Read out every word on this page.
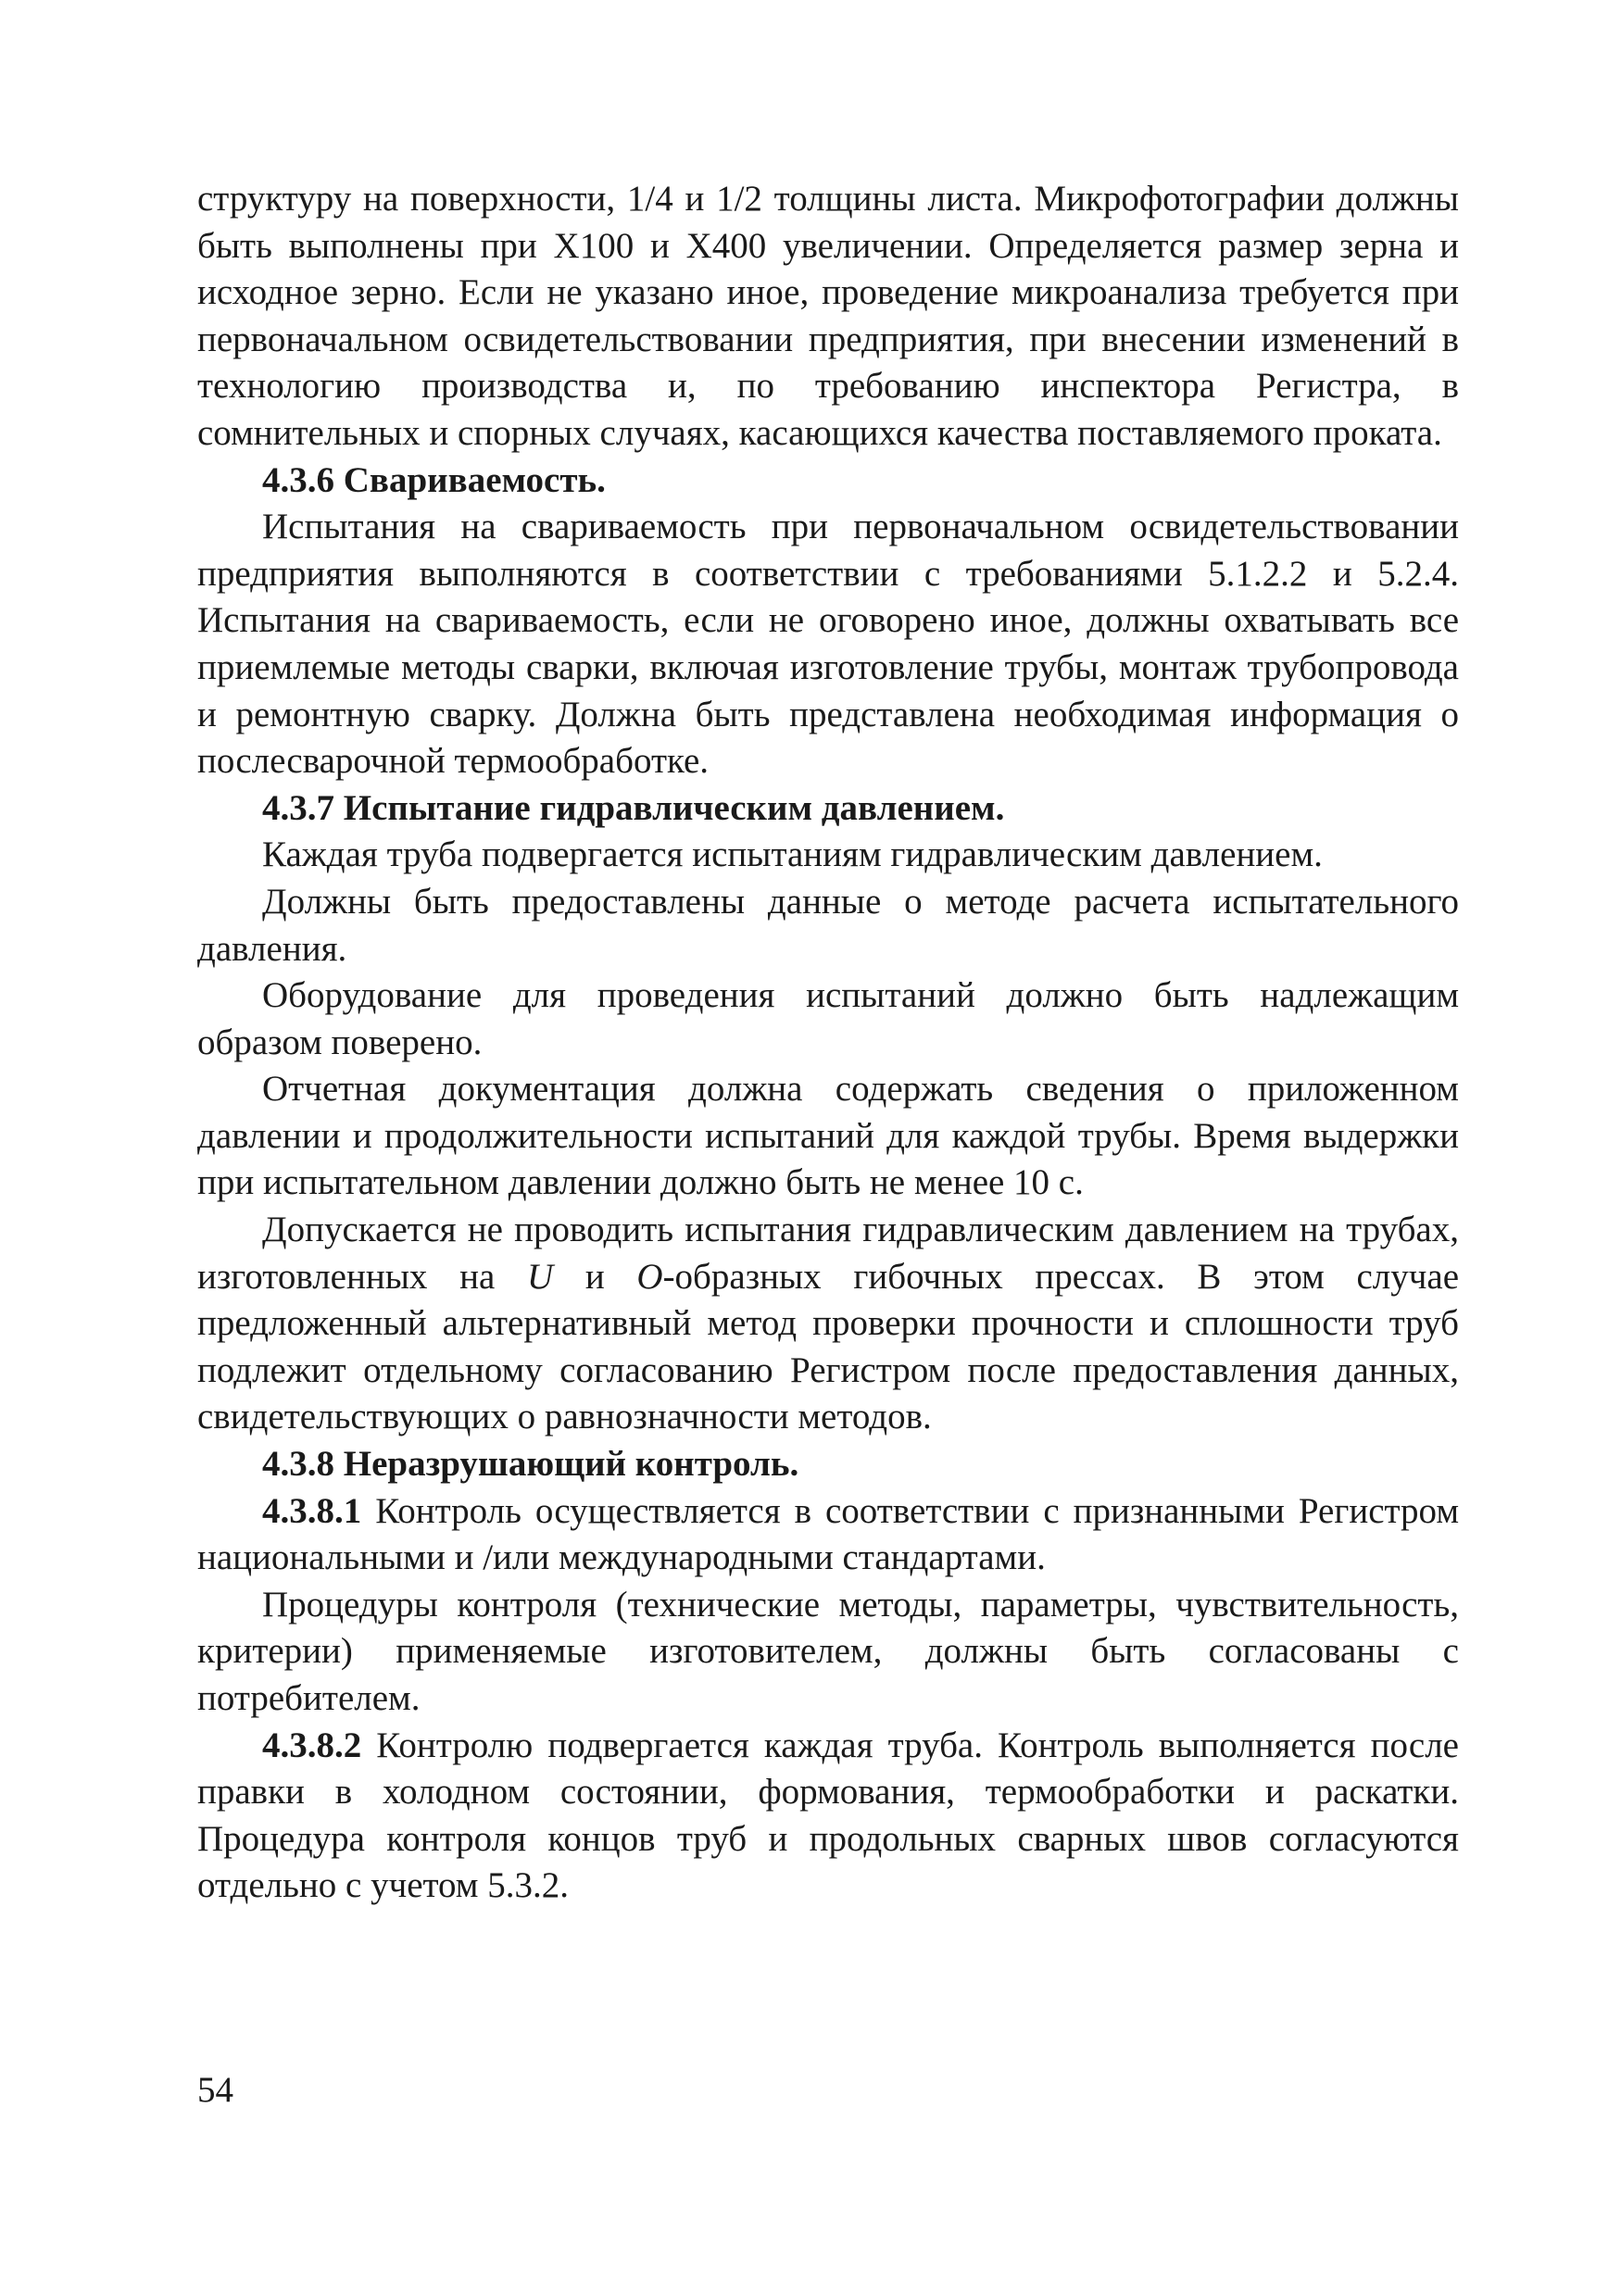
структуру на поверхности, 1/4 и 1/2 толщины листа. Микрофотографии должны быть выполнены при Х100 и Х400 увеличении. Определяется размер зерна и исходное зерно. Если не указано иное, проведение микроанализа требуется при первоначальном освидетельствовании предприятия, при внесении изменений в технологию производства и, по требованию инспектора Регистра, в сомнительных и спорных случаях, касающихся качества поставляемого проката.

4.3.6 Свариваемость.

Испытания на свариваемость при первоначальном освидетельствовании предприятия выполняются в соответствии с требованиями 5.1.2.2 и 5.2.4. Испытания на свариваемость, если не оговорено иное, должны охватывать все приемлемые методы сварки, включая изготовление трубы, монтаж трубопровода и ремонтную сварку. Должна быть представлена необходимая информация о послесварочной термообработке.

4.3.7 Испытание гидравлическим давлением.

Каждая труба подвергается испытаниям гидравлическим давлением.

Должны быть предоставлены данные о методе расчета испытательного давления.

Оборудование для проведения испытаний должно быть надлежащим образом поверено.

Отчетная документация должна содержать сведения о приложенном давлении и продолжительности испытаний для каждой трубы. Время выдержки при испытательном давлении должно быть не менее 10 с.

Допускается не проводить испытания гидравлическим давлением на трубах, изготовленных на U и O-образных гибочных прессах. В этом случае предложенный альтернативный метод проверки прочности и сплошности труб подлежит отдельному согласованию Регистром после предоставления данных, свидетельствующих о равнозначности методов.

4.3.8 Неразрушающий контроль.

4.3.8.1 Контроль осуществляется в соответствии с признанными Регистром национальными и /или международными стандартами.

Процедуры контроля (технические методы, параметры, чувствительность, критерии) применяемые изготовителем, должны быть согласованы с потребителем.

4.3.8.2 Контролю подвергается каждая труба. Контроль выполняется после правки в холодном состоянии, формования, термообработки и раскатки. Процедура контроля концов труб и продольных сварных швов согласуются отдельно с учетом 5.3.2.

54
